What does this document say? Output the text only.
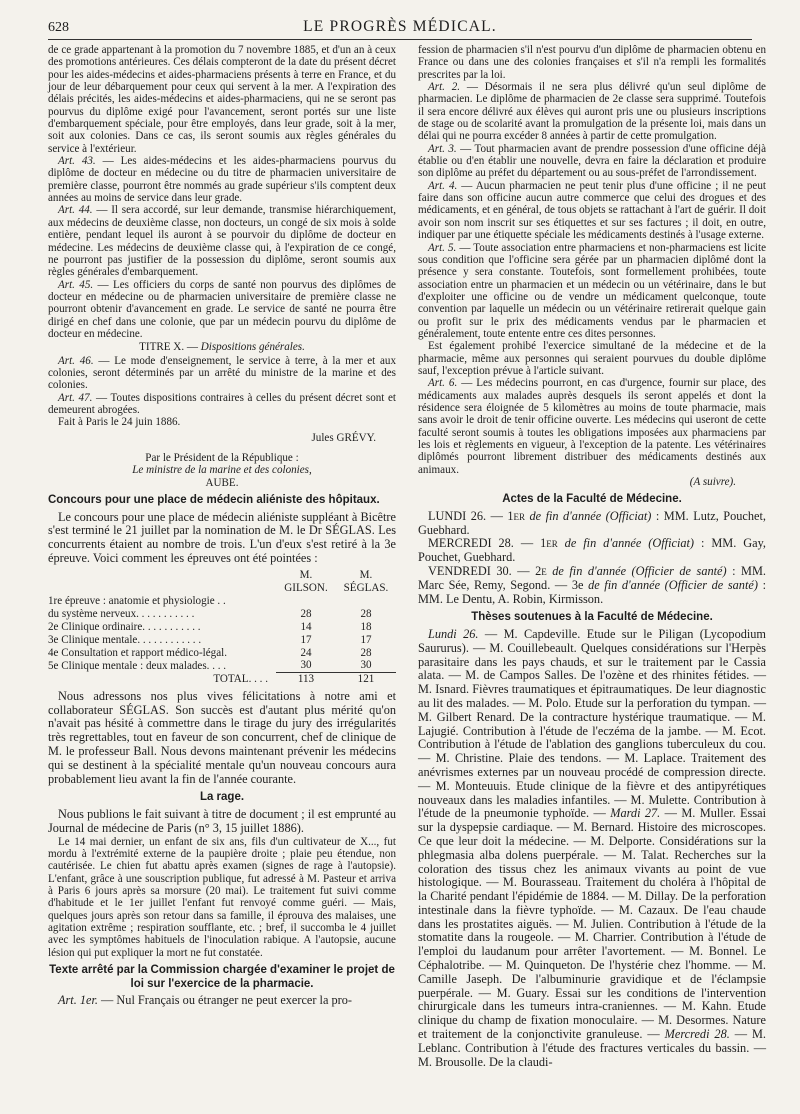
628	LE PROGRÈS MÉDICAL.

de ce grade appartenant à la promotion du 7 novembre 1885, et d'un an à ceux des promotions antérieures. Ces délais compteront de la date du présent décret pour les aides-médecins et aides-pharmaciens présents à terre en France, et du jour de leur débarquement pour ceux qui servent à la mer. A l'expiration des délais précités, les aides-médecins et aides-pharmaciens, qui ne se seront pas pourvus du diplôme exigé pour l'avancement, seront portés sur une liste d'embarquement spéciale, pour être employés, dans leur grade, soit à la mer, soit aux colonies. Dans ce cas, ils seront soumis aux règles générales du service à l'extérieur.

Art. 43. — Les aides-médecins et les aides-pharmaciens pourvus du diplôme de docteur en médecine ou du titre de pharmacien universitaire de première classe, pourront être nommés au grade supérieur s'ils comptent deux années au moins de service dans leur grade.

Art. 44. — Il sera accordé, sur leur demande, transmise hiérarchiquement, aux médecins de deuxième classe, non docteurs, un congé de six mois à solde entière, pendant lequel ils auront à se pourvoir du diplôme de docteur en médecine. Les médecins de deuxième classe qui, à l'expiration de ce congé, ne pourront pas justifier de la possession du diplôme, seront soumis aux règles générales d'embarquement.

Art. 45. — Les officiers du corps de santé non pourvus des diplômes de docteur en médecine ou de pharmacien universitaire de première classe ne pourront obtenir d'avancement en grade. Le service de santé ne pourra être dirigé en chef dans une colonie, que par un médecin pourvu du diplôme de docteur en médecine.

TITRE X. — Dispositions générales.

Art. 46. — Le mode d'enseignement, le service à terre, à la mer et aux colonies, seront déterminés par un arrêté du ministre de la marine et des colonies.

Art. 47. — Toutes dispositions contraires à celles du présent décret sont et demeurent abrogées.

Fait à Paris le 24 juin 1886.

Jules GRÉVY.

Par le Président de la République :

Le ministre de la marine et des colonies,

AUBE.

Concours pour une place de médecin aliéniste des hôpitaux.

Le concours pour une place de médecin aliéniste suppléant à Bicêtre s'est terminé le 21 juillet par la nomination de M. le Dr SÉGLAS. Les concurrents étaient au nombre de trois. L'un d'eux s'est retiré à la 3e épreuve. Voici comment les épreuves ont été pointées :

	M. GILSON.	M. SÉGLAS.
1re épreuve : anatomie et physiologie . .		
du système nerveux. . . . . . . . . . .	28	28
2e Clinique ordinaire. . . . . . . . . . .	14	18
3e Clinique mentale. . . . . . . . . . . .	17	17
4e Consultation et rapport médico-légal.	24	28
5e Clinique mentale : deux malades. . . .	30	30
TOTAL. . . .	113	121

Nous adressons nos plus vives félicitations à notre ami et collaborateur SÉGLAS. Son succès est d'autant plus mérité qu'on n'avait pas hésité à commettre dans le tirage du jury des irrégularités très regrettables, tout en faveur de son concurrent, chef de clinique de M. le professeur Ball. Nous devons maintenant prévenir les médecins qui se destinent à la spécialité mentale qu'un nouveau concours aura probablement lieu avant la fin de l'année courante.

La rage.

Nous publions le fait suivant à titre de document ; il est emprunté au Journal de médecine de Paris (n° 3, 15 juillet 1886).

Le 14 mai dernier, un enfant de six ans, fils d'un cultivateur de X..., fut mordu à l'extrémité externe de la paupière droite ; plaie peu étendue, non cautérisée. Le chien fut abattu après examen (signes de rage à l'autopsie). L'enfant, grâce à une souscription publique, fut adressé à M. Pasteur et arriva à Paris 6 jours après sa morsure (20 mai). Le traitement fut suivi comme d'habitude et le 1er juillet l'enfant fut renvoyé comme guéri. — Mais, quelques jours après son retour dans sa famille, il éprouva des malaises, une agitation extrême ; respiration soufflante, etc. ; bref, il succomba le 4 juillet avec les symptômes habituels de l'inoculation rabique. A l'autopsie, aucune lésion qui put expliquer la mort ne fut constatée.

Texte arrêté par la Commission chargée d'examiner le projet de loi sur l'exercice de la pharmacie.

Art. 1er. — Nul Français ou étranger ne peut exercer la pro-

fession de pharmacien s'il n'est pourvu d'un diplôme de pharmacien obtenu en France ou dans une des colonies françaises et s'il n'a rempli les formalités prescrites par la loi.

Art. 2. — Désormais il ne sera plus délivré qu'un seul diplôme de pharmacien. Le diplôme de pharmacien de 2e classe sera supprimé. Toutefois il sera encore délivré aux élèves qui auront pris une ou plusieurs inscriptions de stage ou de scolarité avant la promulgation de la présente loi, mais dans un délai qui ne pourra excéder 8 années à partir de cette promulgation.

Art. 3. — Tout pharmacien avant de prendre possession d'une officine déjà établie ou d'en établir une nouvelle, devra en faire la déclaration et produire son diplôme au préfet du département ou au sous-préfet de l'arrondissement.

Art. 4. — Aucun pharmacien ne peut tenir plus d'une officine ; il ne peut faire dans son officine aucun autre commerce que celui des drogues et des médicaments, et en général, de tous objets se rattachant à l'art de guérir. Il doit avoir son nom inscrit sur ses étiquettes et sur ses factures ; il doit, en outre, indiquer par une étiquette spéciale les médicaments destinés à l'usage externe.

Art. 5. — Toute association entre pharmaciens et non-pharmaciens est licite sous condition que l'officine sera gérée par un pharmacien diplômé dont la présence y sera constante. Toutefois, sont formellement prohibées, toute association entre un pharmacien et un médecin ou un vétérinaire, dans le but d'exploiter une officine ou de vendre un médicament quelconque, toute convention par laquelle un médecin ou un vétérinaire retirerait quelque gain ou profit sur le prix des médicaments vendus par le pharmacien et généralement, toute entente entre ces dites personnes.

Est également prohibé l'exercice simultané de la médecine et de la pharmacie, même aux personnes qui seraient pourvues du double diplôme sauf, l'exception prévue à l'article suivant.

Art. 6. — Les médecins pourront, en cas d'urgence, fournir sur place, des médicaments aux malades auprès desquels ils seront appelés et dont la résidence sera éloignée de 5 kilomètres au moins de toute pharmacie, mais sans avoir le droit de tenir officine ouverte. Les médecins qui useront de cette faculté seront soumis à toutes les obligations imposées aux pharmaciens par les lois et règlements en vigueur, à l'exception de la patente. Les vétérinaires diplômés pourront librement distribuer des médicaments destinés aux animaux.

(A suivre).

Actes de la Faculté de Médecine.

LUNDI 26. — 1er de fin d'année (Officiat) : MM. Lutz, Pouchet, Guebhard.

MERCREDI 28. — 1er de fin d'année (Officiat) : MM. Gay, Pouchet, Guebhard.

VENDREDI 30. — 2e de fin d'année (Officier de santé) : MM. Marc Sée, Remy, Segond. — 3e de fin d'année (Officier de santé) : MM. Le Dentu, A. Robin, Kirmisson.

Thèses soutenues à la Faculté de Médecine.

Lundi 26. — M. Capdeville. Etude sur le Piligan (Lycopodium Saururus). — M. Couillebeault. Quelques considérations sur l'Herpès parasitaire dans les pays chauds, et sur le traitement par le Cassia alata. — M. de Campos Salles. De l'ozène et des rhinites fétides. — M. Isnard. Fièvres traumatiques et épitraumatiques. De leur diagnostic au lit des malades. — M. Polo. Etude sur la perforation du tympan. — M. Gilbert Renard. De la contracture hystérique traumatique. — M. Lajugié. Contribution à l'étude de l'eczéma de la jambe. — M. Ecot. Contribution à l'étude de l'ablation des ganglions tuberculeux du cou. — M. Christine. Plaie des tendons. — M. Laplace. Traitement des anévrismes externes par un nouveau procédé de compression directe. — M. Monteuuis. Etude clinique de la fièvre et des antipyrétiques nouveaux dans les maladies infantiles. — M. Mulette. Contribution à l'étude de la pneumonie typhoïde. — Mardi 27. — M. Muller. Essai sur la dyspepsie cardiaque. — M. Bernard. Histoire des microscopes. Ce que leur doit la médecine. — M. Delporte. Considérations sur la phlegmasia alba dolens puerpérale. — M. Talat. Recherches sur la coloration des tissus chez les animaux vivants au point de vue histologique. — M. Bourasseau. Traitement du choléra à l'hôpital de la Charité pendant l'épidémie de 1884. — M. Dillay. De la perforation intestinale dans la fièvre typhoïde. — M. Cazaux. De l'eau chaude dans les prostatites aiguës. — M. Julien. Contribution à l'étude de la stomatite dans la rougeole. — M. Charrier. Contribution à l'étude de l'emploi du laudanum pour arrêter l'avortement. — M. Bonnel. Le Céphalotribe. — M. Quinqueton. De l'hystérie chez l'homme. — M. Camille Jaseph. De l'albuminurie gravidique et de l'éclampsie puerpérale. — M. Guary. Essai sur les conditions de l'intervention chirurgicale dans les tumeurs intra-craniennes. — M. Kahn. Etude clinique du champ de fixation monoculaire. — M. Desormes. Nature et traitement de la conjonctivite granuleuse. — Mercredi 28. — M. Leblanc. Contribution à l'étude des fractures verticales du bassin. — M. Brousolle. De la claudi-
